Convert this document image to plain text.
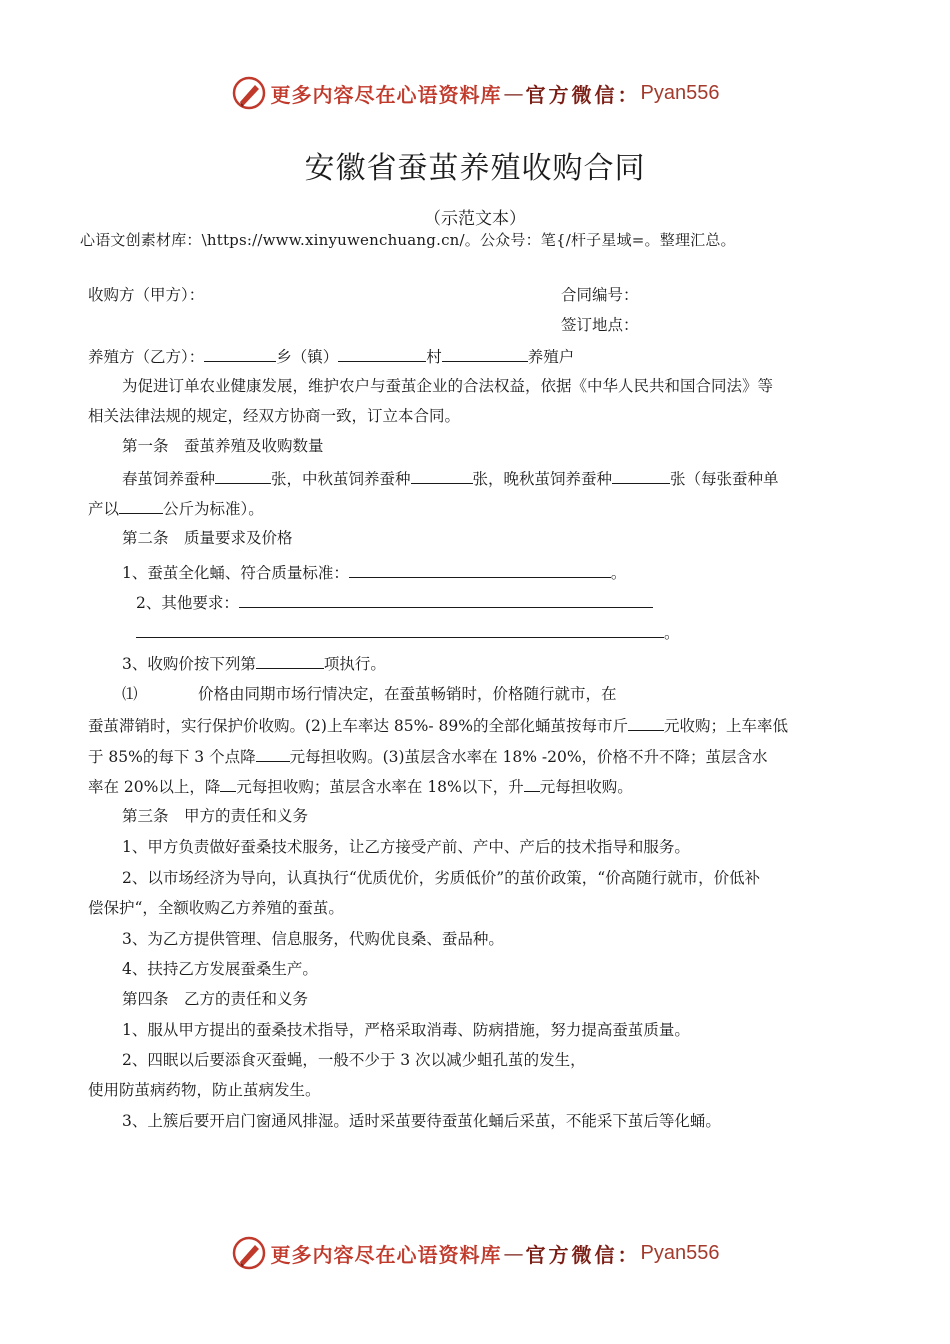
更多内容尽在心语资料库 — 官方微信： Pyan556
安徽省蚕茧养殖收购合同
（示范文本）
心语文创素材库：\https://www.xinyuwenchuang.cn/。公众号：笔{/杆子星域=。整理汇总。
收购方（甲方）：	合同编号：
签订地点：
养殖方（乙方）：	乡（镇）	村	养殖户
为促进订单农业健康发展，维护农户与蚕茧企业的合法权益，依据《中华人民共和国合同法》等
相关法律法规的规定，经双方协商一致，订立本合同。
第一条　蚕茧养殖及收购数量
春茧饲养蚕种	张，中秋茧饲养蚕种	张，晚秋茧饲养蚕种	张（每张蚕种单
产以	公斤为标准）。
第二条　质量要求及价格
1、蚕茧全化蛹、符合质量标准：	。
2、其他要求：
。
3、收购价按下列第	项执行。
⑴	价格由同期市场行情决定，在蚕茧畅销时，价格随行就市，在
蚕茧滞销时，实行保护价收购。(2)上车率达 85%- 89%的全部化蛹茧按每市斤 元收购；上车率低
于 85%的每下 3 个点降 元每担收购。(3)茧层含水率在 18% -20%，价格不升不降；茧层含水
率在 20%以上，降 元每担收购；茧层含水率在 18%以下，升 元每担收购。
第三条　甲方的责任和义务
1、甲方负责做好蚕桑技术服务，让乙方接受产前、产中、产后的技术指导和服务。
2、以市场经济为导向，认真执行“优质优价，劣质低价”的茧价政策，“价高随行就市，价低补
偿保护“，全额收购乙方养殖的蚕茧。
3、为乙方提供管理、信息服务，代购优良桑、蚕品种。
4、扶持乙方发展蚕桑生产。
第四条　乙方的责任和义务
1、服从甲方提出的蚕桑技术指导，严格采取消毒、防病措施，努力提高蚕茧质量。
2、四眠以后要添食灭蚕蝇，一般不少于 3 次以减少蛆孔茧的发生，
使用防茧病药物，防止茧病发生。
3、上簇后要开启门窗通风排湿。适时采茧要待蚕茧化蛹后采茧，不能采下茧后等化蛹。
更多内容尽在心语资料库 — 官方微信： Pyan556
